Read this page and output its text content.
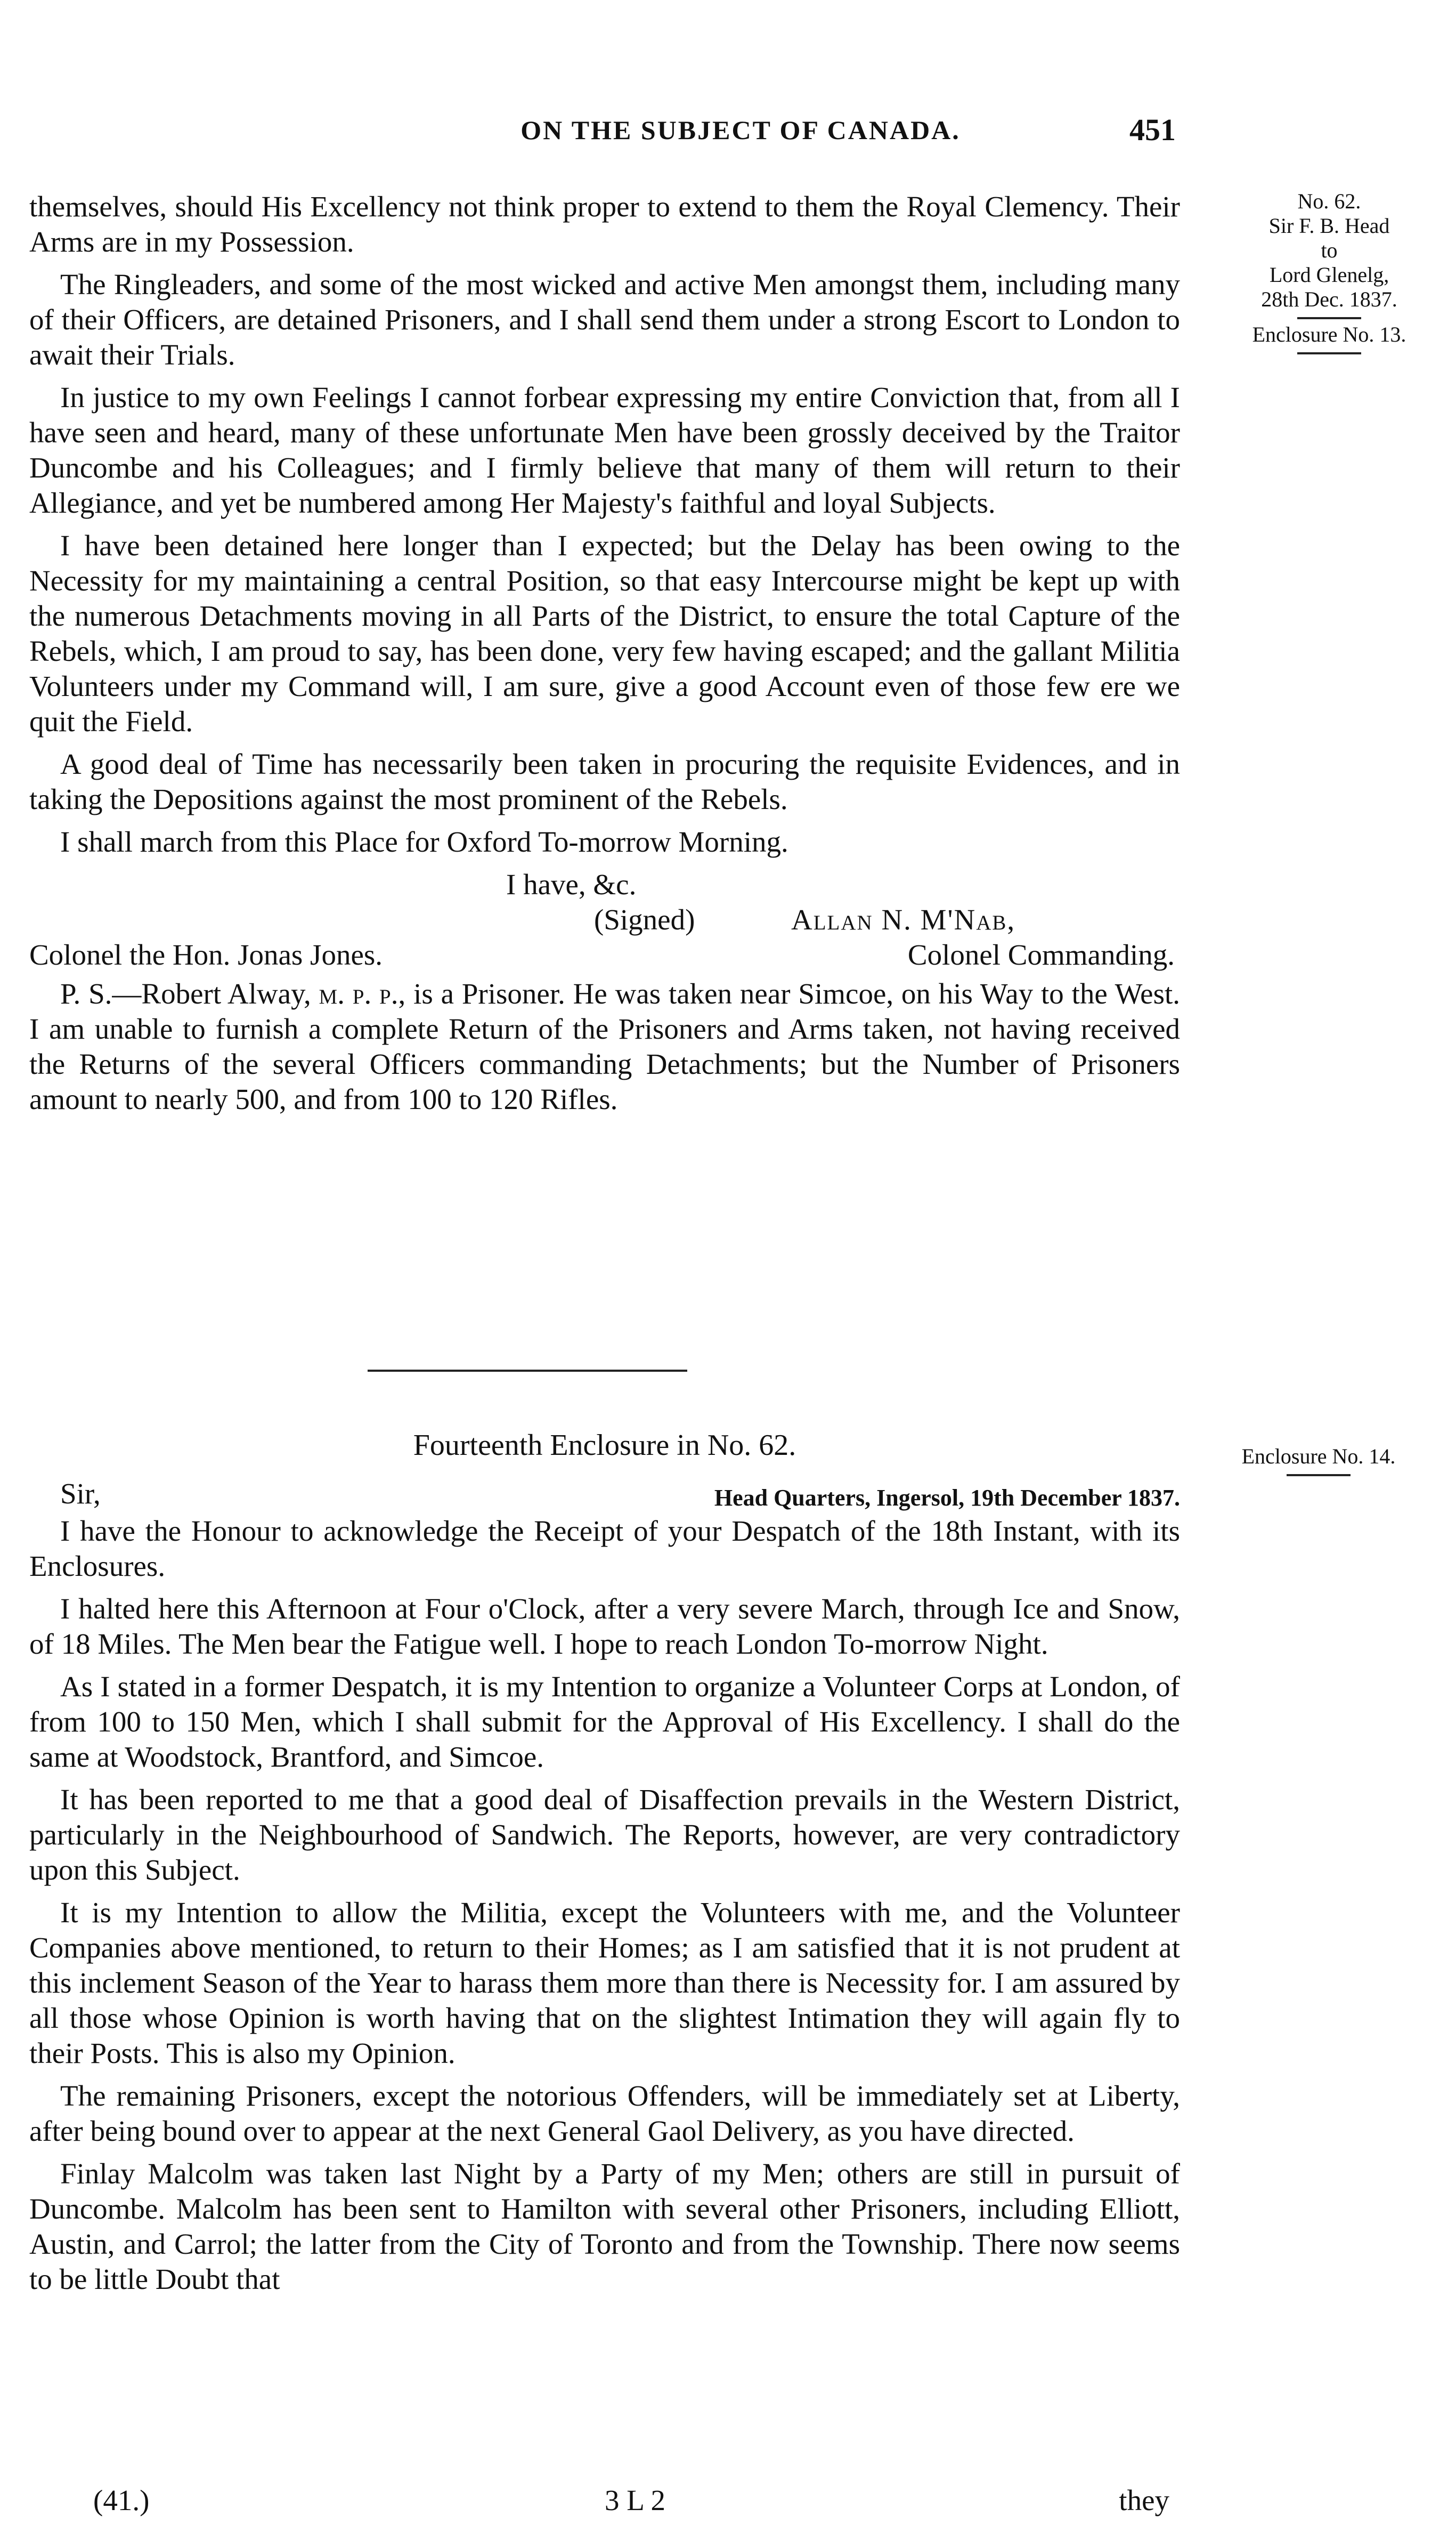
ON THE SUBJECT OF CANADA.	451
No. 62.
Sir F. B. Head
to
Lord Glenelg,
28th Dec. 1837.
Enclosure No. 13.

themselves, should His Excellency not think proper to extend to them the Royal Clemency. Their Arms are in my Possession.

The Ringleaders, and some of the most wicked and active Men amongst them, including many of their Officers, are detained Prisoners, and I shall send them under a strong Escort to London to await their Trials.

In justice to my own Feelings I cannot forbear expressing my entire Conviction that, from all I have seen and heard, many of these unfortunate Men have been grossly deceived by the Traitor Duncombe and his Colleagues; and I firmly believe that many of them will return to their Allegiance, and yet be numbered among Her Majesty's faithful and loyal Subjects.

I have been detained here longer than I expected; but the Delay has been owing to the Necessity for my maintaining a central Position, so that easy Intercourse might be kept up with the numerous Detachments moving in all Parts of the District, to ensure the total Capture of the Rebels, which, I am proud to say, has been done, very few having escaped; and the gallant Militia Volunteers under my Command will, I am sure, give a good Account even of those few ere we quit the Field.

A good deal of Time has necessarily been taken in procuring the requisite Evidences, and in taking the Depositions against the most prominent of the Rebels.

I shall march from this Place for Oxford To-morrow Morning.

I have, &c.
(Signed)	Allan N. M'Nab,
Colonel the Hon. Jonas Jones.	Colonel Commanding.

P. S.—Robert Alway, m. p. p., is a Prisoner. He was taken near Simcoe, on his Way to the West. I am unable to furnish a complete Return of the Prisoners and Arms taken, not having received the Returns of the several Officers commanding Detachments; but the Number of Prisoners amount to nearly 500, and from 100 to 120 Rifles.

Enclosure No. 14.
Fourteenth Enclosure in No. 62.
Sir,	Head Quarters, Ingersol, 19th December 1837.

I have the Honour to acknowledge the Receipt of your Despatch of the 18th Instant, with its Enclosures.

I halted here this Afternoon at Four o'Clock, after a very severe March, through Ice and Snow, of 18 Miles. The Men bear the Fatigue well. I hope to reach London To-morrow Night.

As I stated in a former Despatch, it is my Intention to organize a Volunteer Corps at London, of from 100 to 150 Men, which I shall submit for the Approval of His Excellency. I shall do the same at Woodstock, Brantford, and Simcoe.

It has been reported to me that a good deal of Disaffection prevails in the Western District, particularly in the Neighbourhood of Sandwich. The Reports, however, are very contradictory upon this Subject.

It is my Intention to allow the Militia, except the Volunteers with me, and the Volunteer Companies above mentioned, to return to their Homes; as I am satisfied that it is not prudent at this inclement Season of the Year to harass them more than there is Necessity for. I am assured by all those whose Opinion is worth having that on the slightest Intimation they will again fly to their Posts. This is also my Opinion.

The remaining Prisoners, except the notorious Offenders, will be immediately set at Liberty, after being bound over to appear at the next General Gaol Delivery, as you have directed.

Finlay Malcolm was taken last Night by a Party of my Men; others are still in pursuit of Duncombe. Malcolm has been sent to Hamilton with several other Prisoners, including Elliott, Austin, and Carrol; the latter from the City of Toronto and from the Township. There now seems to be little Doubt that

(41.)	3 L 2	they
